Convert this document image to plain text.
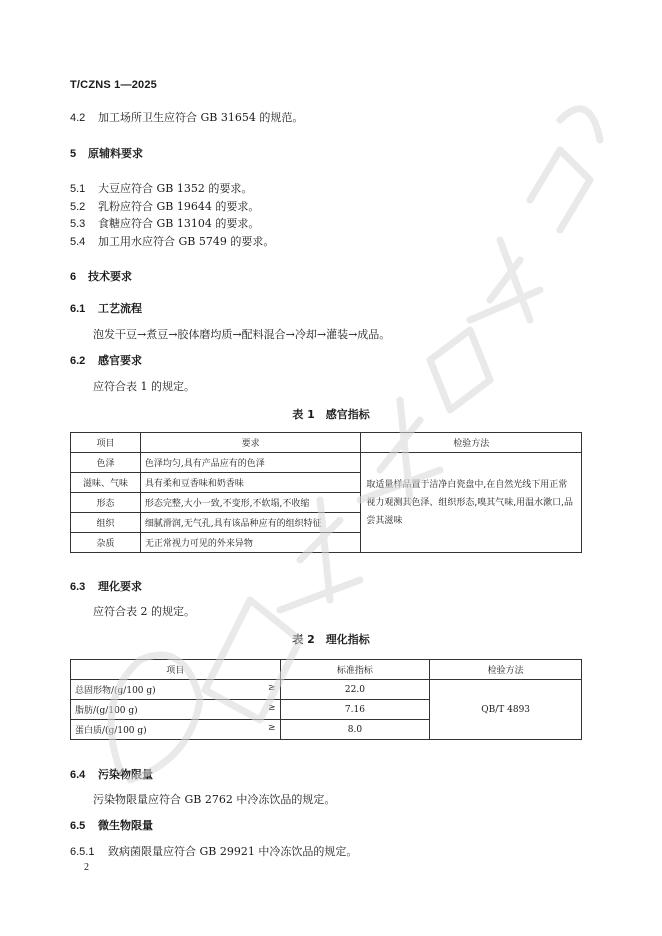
T/CZNS 1—2025
4.2 加工场所卫生应符合 GB 31654 的规范。
5 原辅料要求
5.1 大豆应符合 GB 1352 的要求。
5.2 乳粉应符合 GB 19644 的要求。
5.3 食糖应符合 GB 13104 的要求。
5.4 加工用水应符合 GB 5749 的要求。
6 技术要求
6.1 工艺流程
泡发干豆→煮豆→胶体磨均质→配料混合→冷却→灌装→成品。
6.2 感官要求
应符合表 1 的规定。
表 1　感官指标
项目	要求	检验方法
色泽	色泽均匀,具有产品应有的色泽	取适量样品置于洁净白瓷盘中,在自然光线下用正常视力观测其色泽、组织形态,嗅其气味,用温水漱口,品尝其滋味
滋味、气味	具有柔和豆香味和奶香味	
形态	形态完整,大小一致,不变形,不软塌,不收缩	
组织	细腻滑润,无气孔,具有该品种应有的组织特征	
杂质	无正常视力可见的外来异物	
6.3 理化要求
应符合表 2 的规定。
表 2　理化指标
项目	标准指标	检验方法
总固形物/(g/100 g) ≥	22.0	QB/T 4893
脂肪/(g/100 g) ≥	7.16	
蛋白质/(g/100 g) ≥	8.0	
6.4 污染物限量
污染物限量应符合 GB 2762 中冷冻饮品的规定。
6.5 微生物限量
6.5.1 致病菌限量应符合 GB 29921 中冷冻饮品的规定。
2
